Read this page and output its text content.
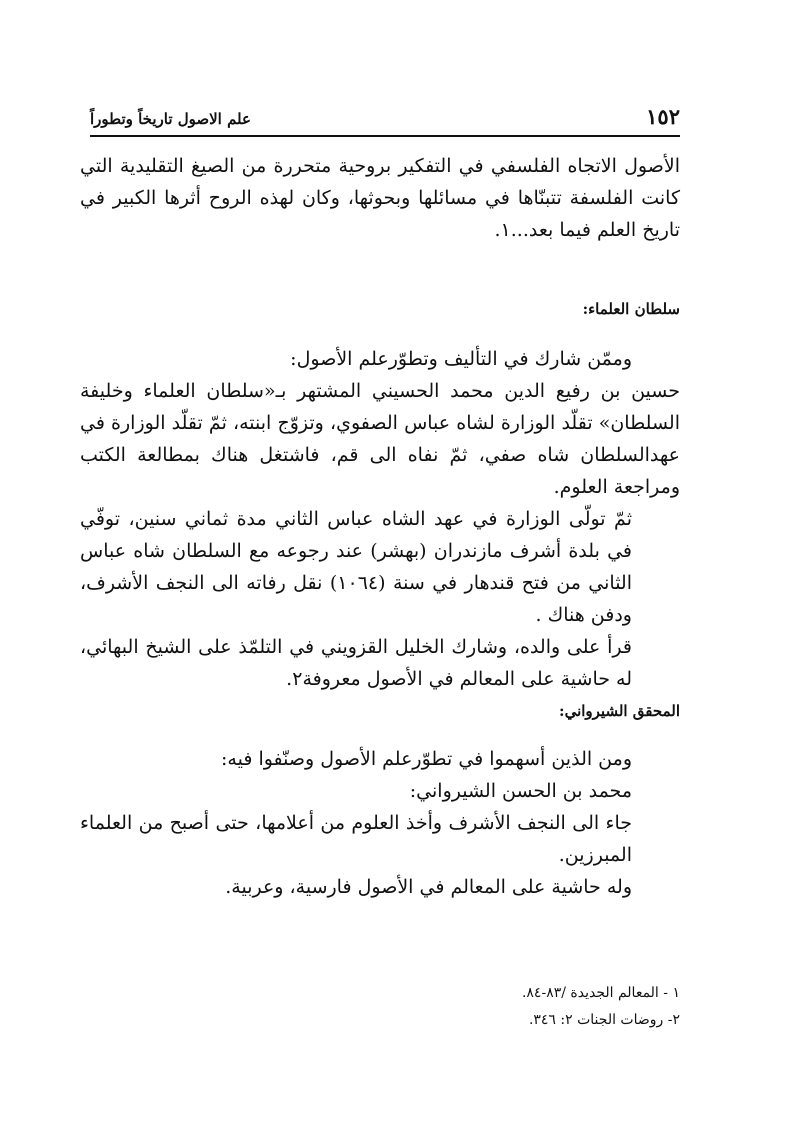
١٥٢
علم الاصول تاريخاً وتطوراً

الأصول الاتجاه الفلسفي في التفكير بروحية متحررة من الصيغ التقليدية التي كانت الفلسفة تتبنّاها في مسائلها وبحوثها، وكان لهذه الروح أثرها الكبير في تاريخ العلم فيما بعد...١.

سلطان العلماء:

وممّن شارك في التأليف وتطوّرعلم الأصول:

حسين بن رفيع الدين محمد الحسيني المشتهر بـ«سلطان العلماء وخليفة السلطان» تقلّد الوزارة لشاه عباس الصفوي، وتزوّج ابنته، ثمّ تقلّد الوزارة في عهدالسلطان شاه صفي، ثمّ نفاه الى قم، فاشتغل هناك بمطالعة الكتب ومراجعة العلوم.

ثمّ تولّى الوزارة في عهد الشاه عباس الثاني مدة ثماني سنين، توفّي في بلدة أشرف مازندران (بهشر) عند رجوعه مع السلطان شاه عباس الثاني من فتح قندهار في سنة (١٠٦٤) نقل رفاته الى النجف الأشرف، ودفن هناك .

قرأ على والده، وشارك الخليل القزويني في التلمّذ على الشيخ البهائي، له حاشية على المعالم في الأصول معروفة٢.

المحقق الشيرواني:

ومن الذين أسهموا في تطوّرعلم الأصول وصنّفوا فيه:

محمد بن الحسن الشيرواني:

جاء الى النجف الأشرف وأخذ العلوم من أعلامها، حتى أصبح من العلماء المبرزين.

وله حاشية على المعالم في الأصول فارسية، وعربية.

١ - المعالم الجديدة /٨٣-٨٤.

٢- روضات الجنات ٢: ٣٤٦.
